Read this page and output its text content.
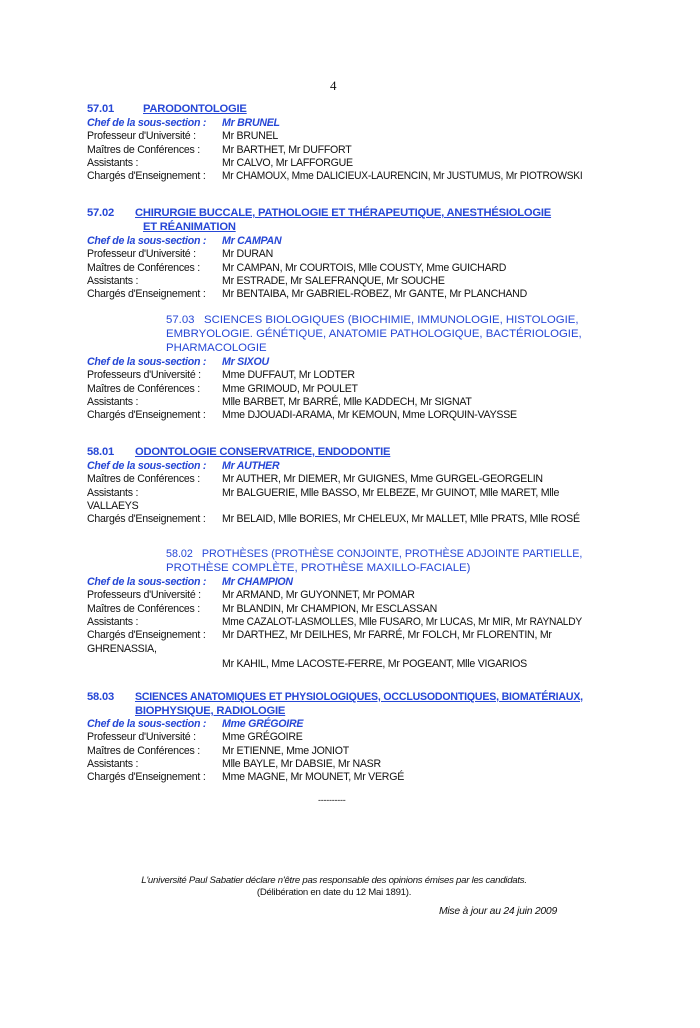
4
57.01	PARODONTOLOGIE
Chef de la sous-section : Mr BRUNEL
Professeur d'Université : Mr BRUNEL
Maîtres de Conférences : Mr BARTHET, Mr DUFFORT
Assistants :	Mr CALVO, Mr LAFFORGUE
Chargés d'Enseignement : Mr CHAMOUX, Mme DALICIEUX-LAURENCIN, Mr JUSTUMUS, Mr PIOTROWSKI
57.02 CHIRURGIE BUCCALE, PATHOLOGIE ET THÉRAPEUTIQUE, ANESTHÉSIOLOGIE
ET RÉANIMATION
Chef de la sous-section : Mr CAMPAN
Professeur d'Université : Mr DURAN
Maîtres de Conférences : Mr CAMPAN, Mr COURTOIS, Mlle COUSTY, Mme GUICHARD
Assistants :	Mr ESTRADE, Mr SALEFRANQUE, Mr SOUCHE
Chargés d'Enseignement : Mr BENTAIBA, Mr GABRIEL-ROBEZ, Mr GANTE, Mr PLANCHAND
57.03 SCIENCES BIOLOGIQUES (BIOCHIMIE, IMMUNOLOGIE, HISTOLOGIE,
EMBRYOLOGIE. GÉNÉTIQUE, ANATOMIE PATHOLOGIQUE, BACTÉRIOLOGIE,
PHARMACOLOGIE
Chef de la sous-section : Mr SIXOU
Professeurs d'Université : Mme DUFFAUT, Mr LODTER
Maîtres de Conférences : Mme GRIMOUD, Mr POULET
Assistants :	Mlle BARBET, Mr BARRÉ, Mlle KADDECH, Mr SIGNAT
Chargés d'Enseignement : Mme DJOUADI-ARAMA, Mr KEMOUN, Mme LORQUIN-VAYSSE
58.01 ODONTOLOGIE CONSERVATRICE, ENDODONTIE
Chef de la sous-section : Mr AUTHER
Maîtres de Conférences : Mr AUTHER, Mr DIEMER, Mr GUIGNES, Mme GURGEL-GEORGELIN
Assistants :	Mr BALGUERIE, Mlle BASSO, Mr ELBEZE, Mr GUINOT, Mlle MARET, Mlle
VALLAEYS
Chargés d'Enseignement : Mr BELAID, Mlle BORIES, Mr CHELEUX, Mr MALLET, Mlle PRATS, Mlle ROSÉ
58.02 PROTHÈSES (PROTHÈSE CONJOINTE, PROTHÈSE ADJOINTE PARTIELLE,
PROTHÈSE COMPLÈTE, PROTHÈSE MAXILLO-FACIALE)
Chef de la sous-section : Mr CHAMPION
Professeurs d'Université : Mr ARMAND, Mr GUYONNET, Mr POMAR
Maîtres de Conférences : Mr BLANDIN, Mr CHAMPION, Mr ESCLASSAN
Assistants :	Mme CAZALOT-LASMOLLES, Mlle FUSARO, Mr LUCAS, Mr MIR, Mr RAYNALDY
Chargés d'Enseignement : Mr DARTHEZ, Mr DEILHES, Mr FARRÉ, Mr FOLCH, Mr FLORENTIN, Mr
GHRENASSIA,
Mr KAHIL, Mme LACOSTE-FERRE, Mr POGEANT, Mlle VIGARIOS
58.03 SCIENCES ANATOMIQUES ET PHYSIOLOGIQUES, OCCLUSODONTIQUES, BIOMATÉRIAUX,
BIOPHYSIQUE, RADIOLOGIE
Chef de la sous-section : Mme GRÉGOIRE
Professeur d'Université : Mme GRÉGOIRE
Maîtres de Conférences : Mr ETIENNE, Mme JONIOT
Assistants :	Mlle BAYLE, Mr DABSIE, Mr NASR
Chargés d'Enseignement : Mme MAGNE, Mr MOUNET, Mr VERGÉ
----------
L'université Paul Sabatier déclare n'être pas responsable des opinions émises par les candidats.
(Délibération en date du 12 Mai 1891).
Mise à jour au 24 juin 2009
